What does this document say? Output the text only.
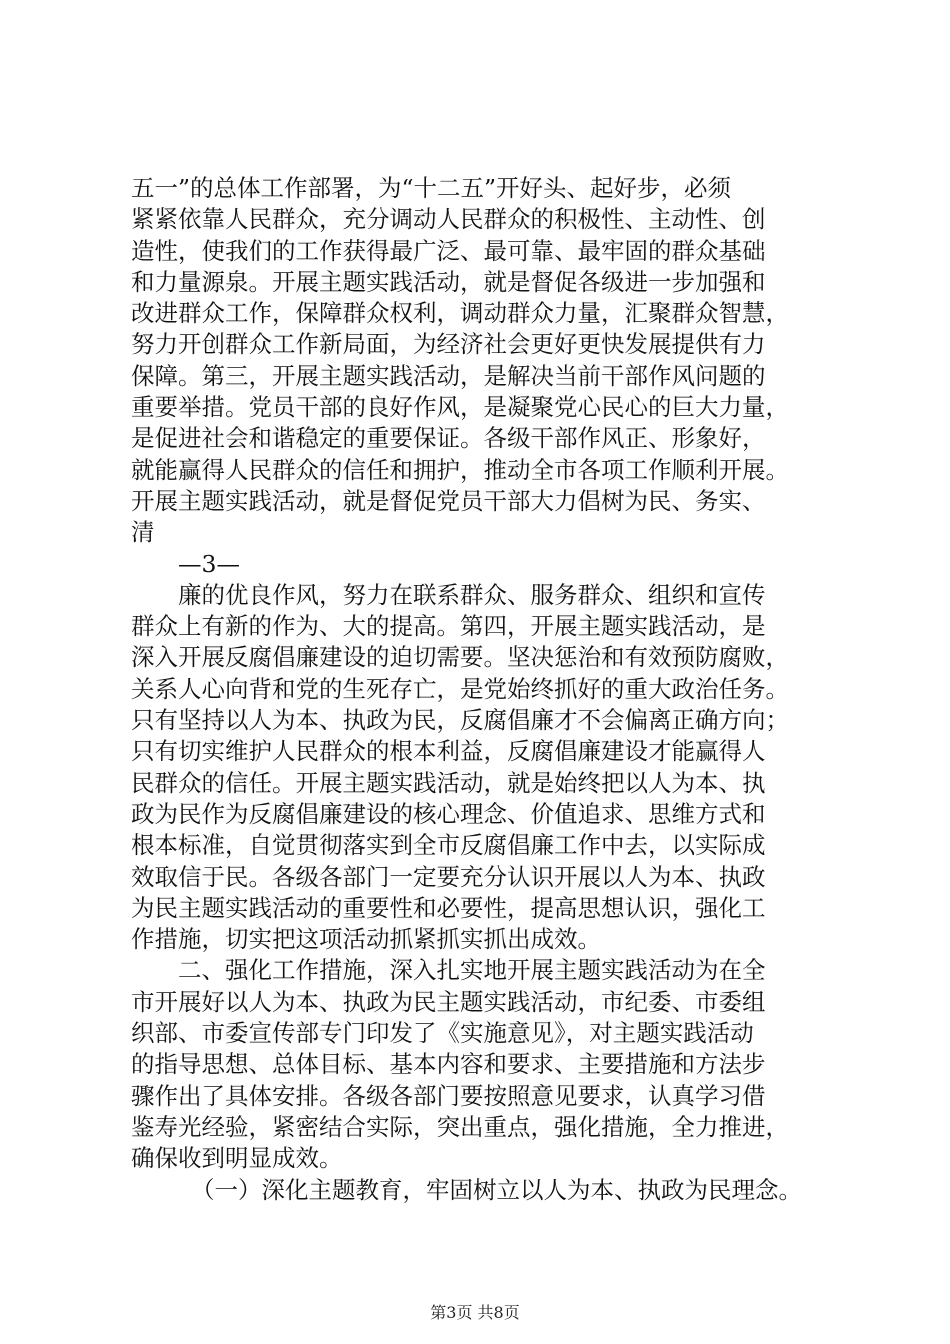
五一”的总体工作部署，为“十二五”开好头、起好步，必须
紧紧依靠人民群众，充分调动人民群众的积极性、主动性、创
造性，使我们的工作获得最广泛、最可靠、最牢固的群众基础
和力量源泉。开展主题实践活动，就是督促各级进一步加强和
改进群众工作，保障群众权利，调动群众力量，汇聚群众智慧，
努力开创群众工作新局面，为经济社会更好更快发展提供有力
保障。第三，开展主题实践活动，是解决当前干部作风问题的
重要举措。党员干部的良好作风，是凝聚党心民心的巨大力量，
是促进社会和谐稳定的重要保证。各级干部作风正、形象好，
就能赢得人民群众的信任和拥护，推动全市各项工作顺利开展。
开展主题实践活动，就是督促党员干部大力倡树为民、务实、
清
—3—
廉的优良作风，努力在联系群众、服务群众、组织和宣传
群众上有新的作为、大的提高。第四，开展主题实践活动，是
深入开展反腐倡廉建设的迫切需要。坚决惩治和有效预防腐败，
关系人心向背和党的生死存亡，是党始终抓好的重大政治任务。
只有坚持以人为本、执政为民，反腐倡廉才不会偏离正确方向；
只有切实维护人民群众的根本利益，反腐倡廉建设才能赢得人
民群众的信任。开展主题实践活动，就是始终把以人为本、执
政为民作为反腐倡廉建设的核心理念、价值追求、思维方式和
根本标准，自觉贯彻落实到全市反腐倡廉工作中去，以实际成
效取信于民。各级各部门一定要充分认识开展以人为本、执政
为民主题实践活动的重要性和必要性，提高思想认识，强化工
作措施，切实把这项活动抓紧抓实抓出成效。
二、强化工作措施，深入扎实地开展主题实践活动为在全
市开展好以人为本、执政为民主题实践活动，市纪委、市委组
织部、市委宣传部专门印发了《实施意见》，对主题实践活动
的指导思想、总体目标、基本内容和要求、主要措施和方法步
骤作出了具体安排。各级各部门要按照意见要求，认真学习借
鉴寿光经验，紧密结合实际，突出重点，强化措施，全力推进，
确保收到明显成效。
（一）深化主题教育，牢固树立以人为本、执政为民理念。
第3页 共8页
